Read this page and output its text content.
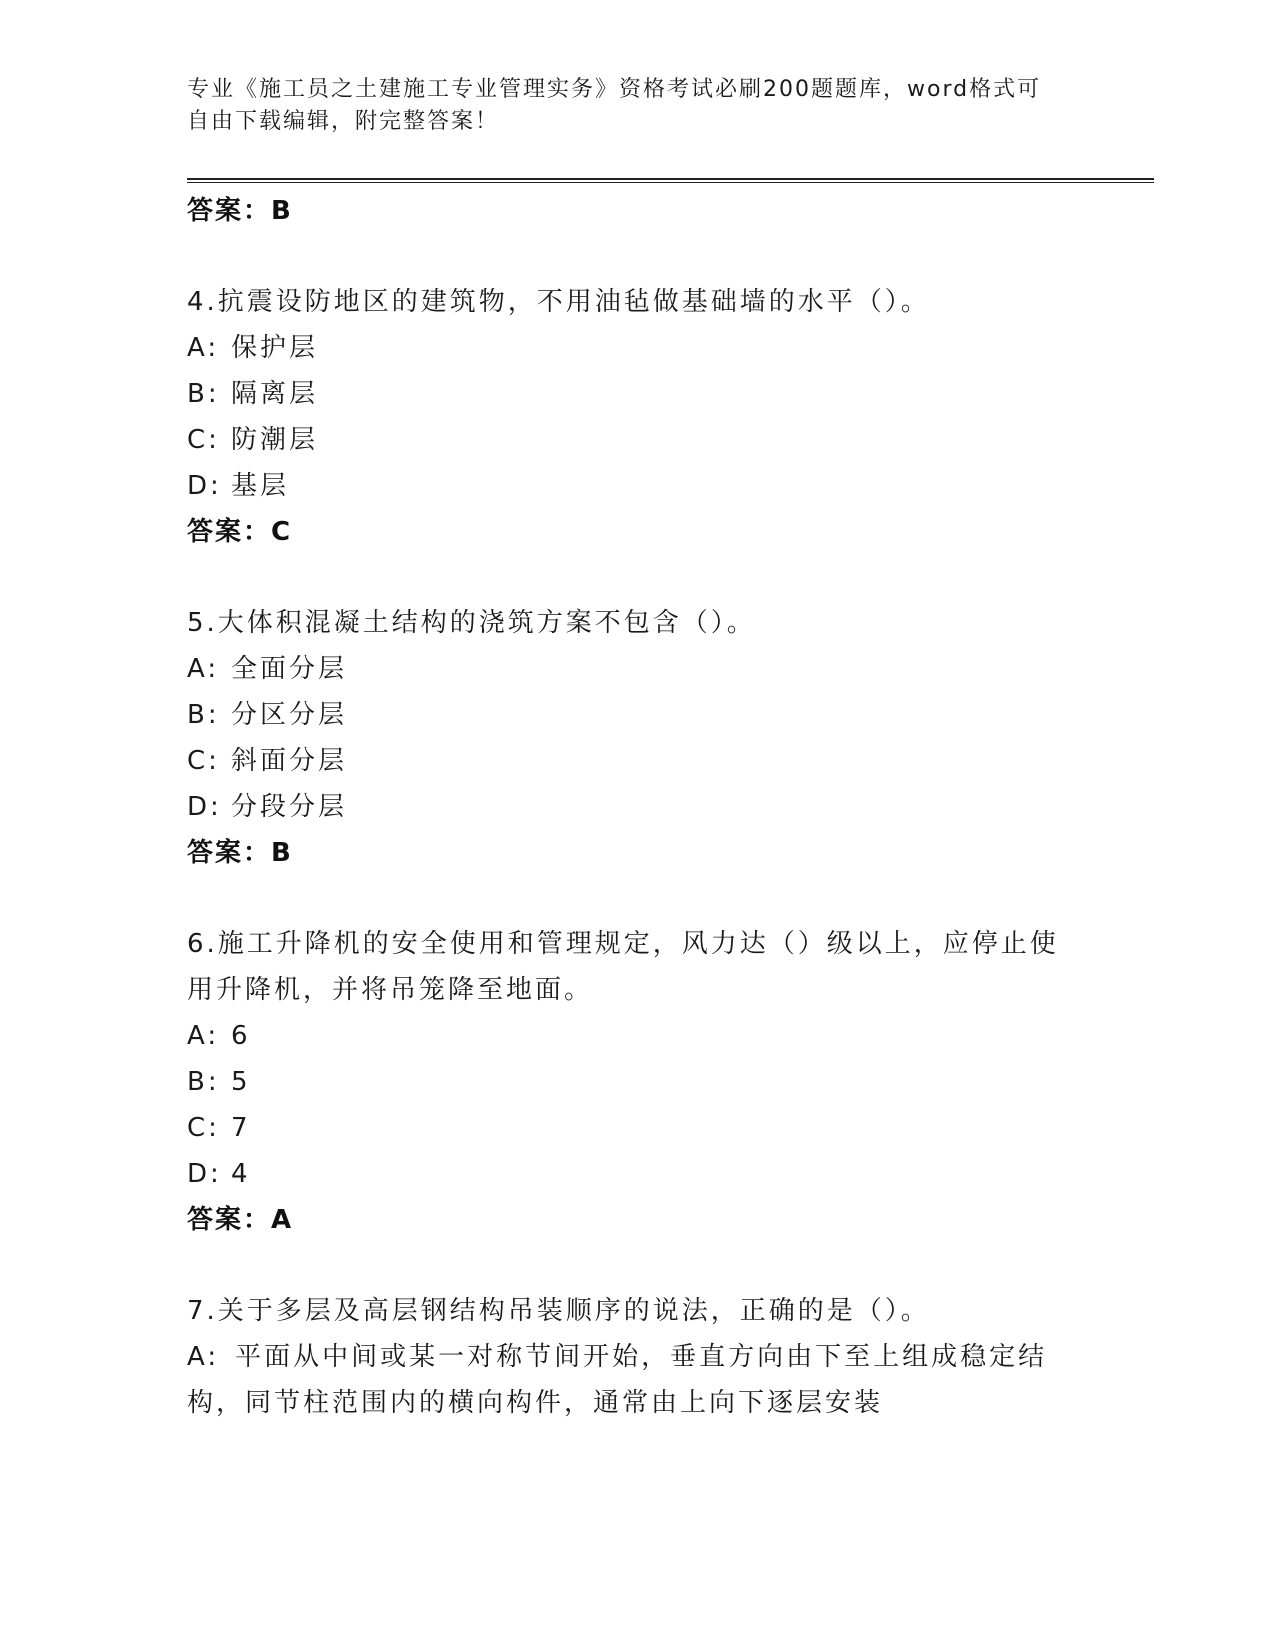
专业《施工员之土建施工专业管理实务》资格考试必刷200题题库，word格式可
自由下载编辑，附完整答案！
答案：B
4.抗震设防地区的建筑物，不用油毡做基础墙的水平（）。
A: 保护层
B: 隔离层
C: 防潮层
D: 基层
答案：C
5.大体积混凝土结构的浇筑方案不包含（）。
A: 全面分层
B: 分区分层
C: 斜面分层
D: 分段分层
答案：B
6.施工升降机的安全使用和管理规定，风力达（）级以上，应停止使用升降机，并将吊笼降至地面。
A: 6
B: 5
C: 7
D: 4
答案：A
7.关于多层及高层钢结构吊装顺序的说法，正确的是（）。
A: 平面从中间或某一对称节间开始，垂直方向由下至上组成稳定结构，同节柱范围内的横向构件，通常由上向下逐层安装
